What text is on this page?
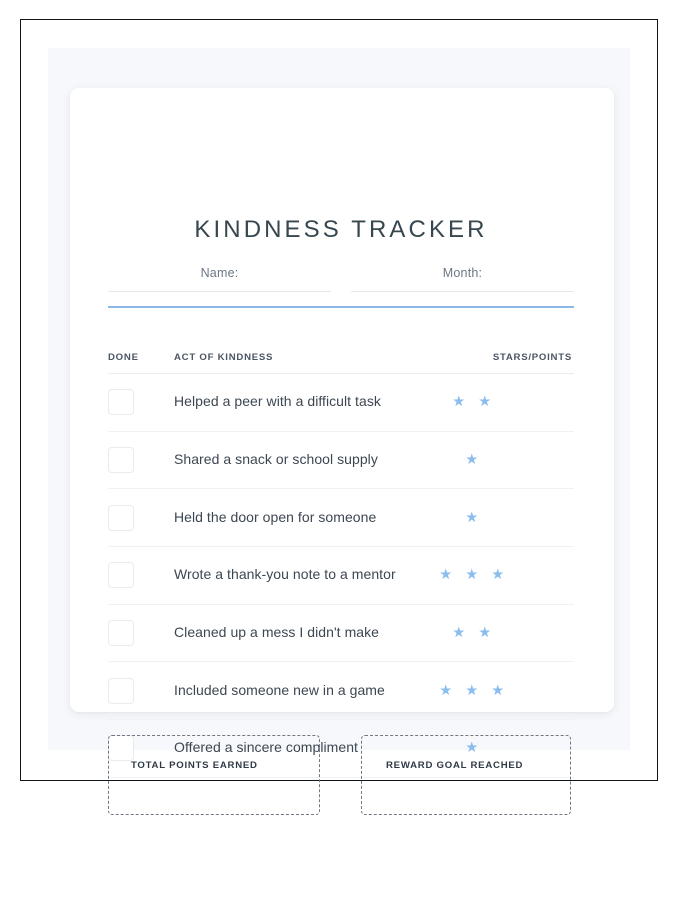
KINDNESS TRACKER
Name:	Month:
DONE	ACT OF KINDNESS	STARS/POINTS
Helped a peer with a difficult task	★ ★
Shared a snack or school supply	★
Held the door open for someone	★
Wrote a thank-you note to a mentor	★ ★ ★
Cleaned up a mess I didn't make	★ ★
Included someone new in a game	★ ★ ★
Offered a sincere compliment	★
TOTAL POINTS EARNED	REWARD GOAL REACHED
